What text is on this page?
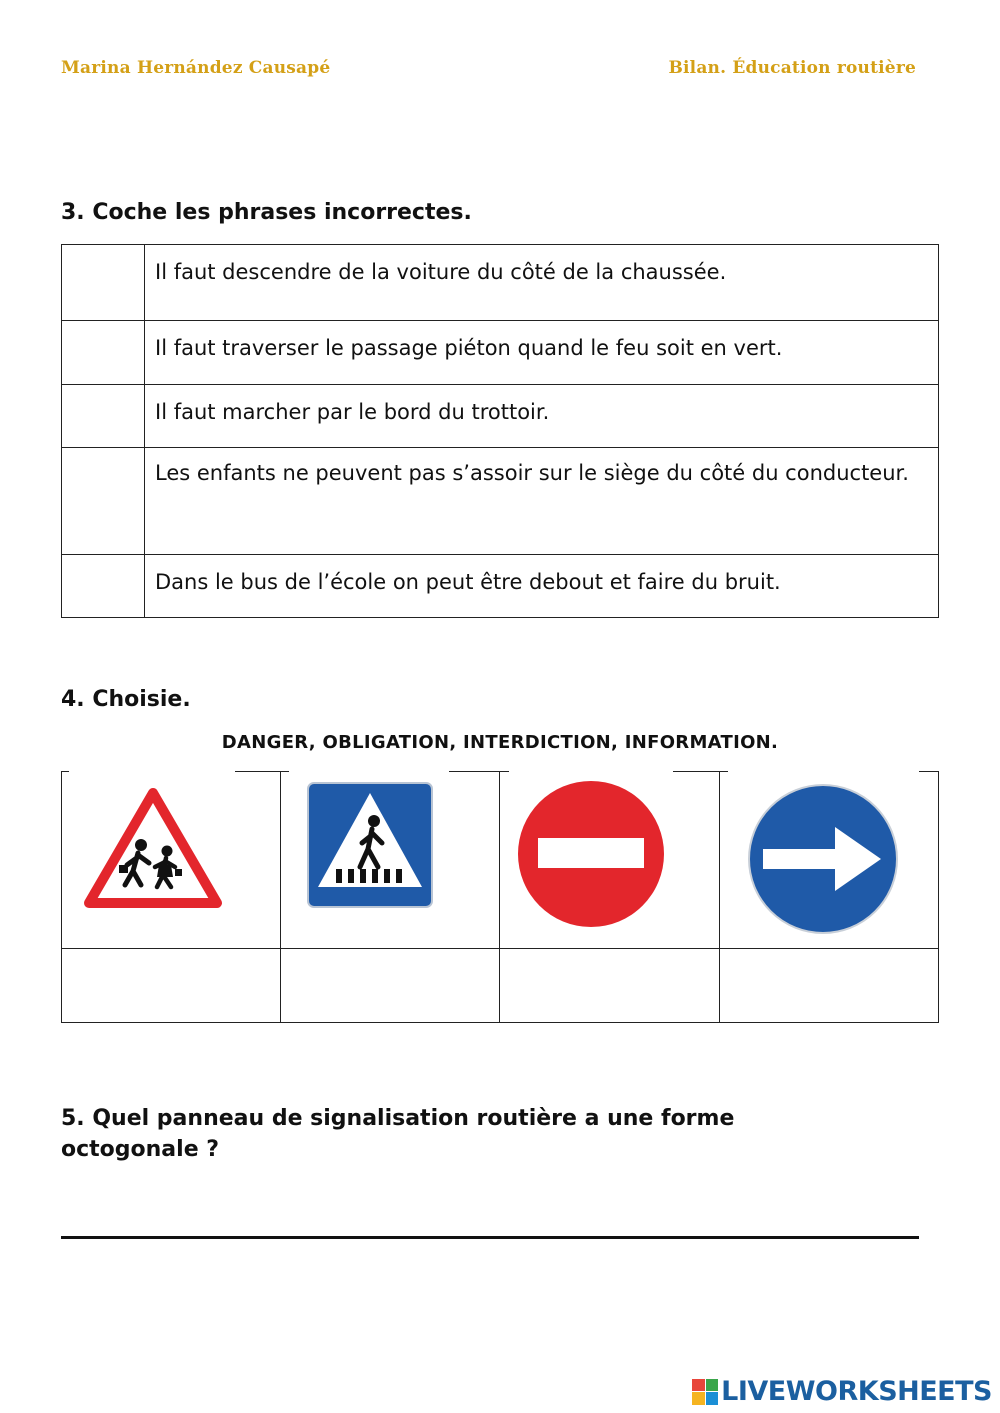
Marina Hernández Causapé	Bilan. Éducation routière
3. Coche les phrases incorrectes.
	Il faut descendre de la voiture du côté de la chaussée.
	Il faut traverser le passage piéton quand le feu soit en vert.
	Il faut marcher par le bord du trottoir.
	Les enfants ne peuvent pas s’assoir sur le siège du côté du conducteur.
	Dans le bus de l’école on peut être debout et faire du bruit.
4. Choisie.
DANGER, OBLIGATION, INTERDICTION, INFORMATION.
5. Quel panneau de signalisation routière a une forme
octogonale ?
LIVEWORKSHEETS
